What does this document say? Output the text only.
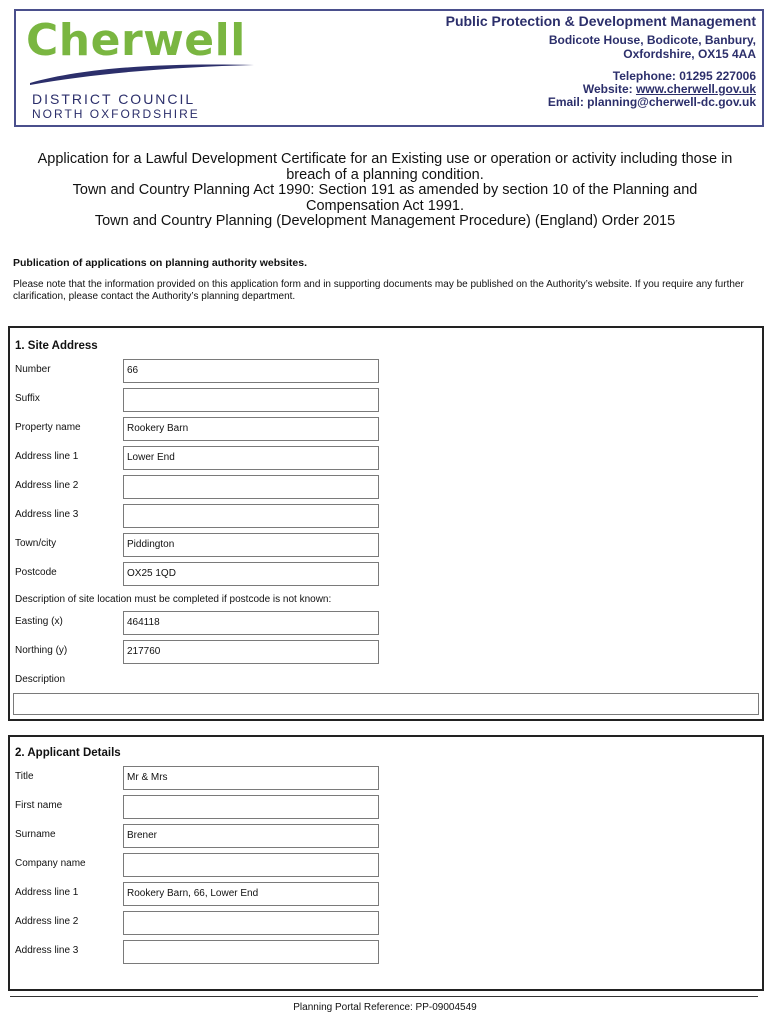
Cherwell
DISTRICT COUNCIL
NORTH OXFORDSHIRE
Public Protection & Development Management
Bodicote House, Bodicote, Banbury,
Oxfordshire, OX15 4AA
Telephone: 01295 227006
Website: www.cherwell.gov.uk
Email: planning@cherwell-dc.gov.uk
Application for a Lawful Development Certificate for an Existing use or operation or activity including those in
breach of a planning condition.
Town and Country Planning Act 1990: Section 191 as amended by section 10 of the Planning and
Compensation Act 1991.
Town and Country Planning (Development Management Procedure) (England) Order 2015
Publication of applications on planning authority websites.
Please note that the information provided on this application form and in supporting documents may be published on the Authority’s website. If you require any further clarification, please contact the Authority’s planning department.
1. Site Address
Number	66
Suffix
Property name	Rookery Barn
Address line 1	Lower End
Address line 2
Address line 3
Town/city	Piddington
Postcode	OX25 1QD
Description of site location must be completed if postcode is not known:
Easting (x)	464118
Northing (y)	217760
Description
2. Applicant Details
Title	Mr & Mrs
First name
Surname	Brener
Company name
Address line 1	Rookery Barn, 66, Lower End
Address line 2
Address line 3
Planning Portal Reference: PP-09004549
